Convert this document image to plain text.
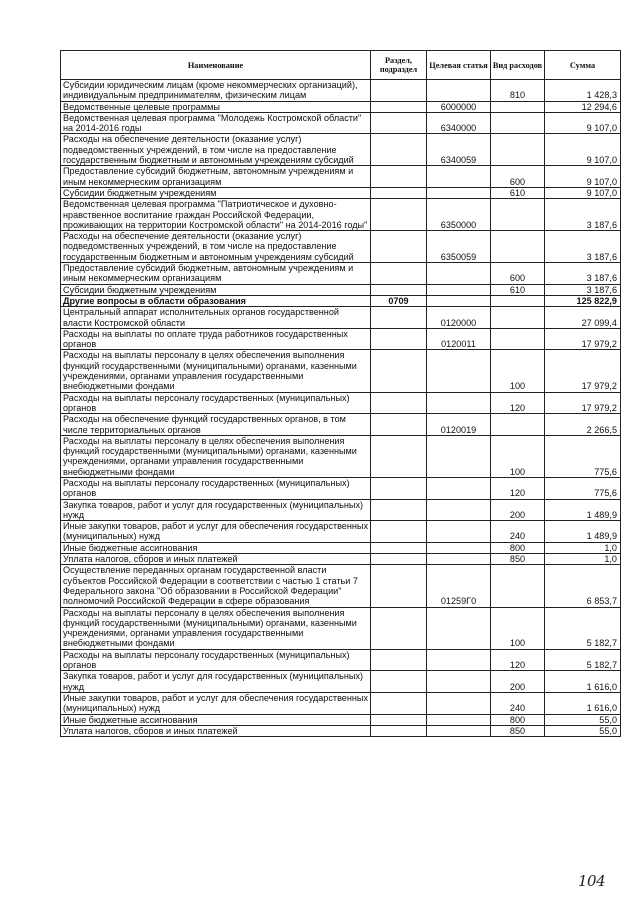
Наименование	Раздел, подраздел	Целевая статья	Вид расходов	Сумма
Субсидии юридическим лицам (кроме некоммерческих организаций), индивидуальным предпринимателям, физическим лицам			810	1 428,3
Ведомственные целевые программы		6000000		12 294,6
Ведомственная целевая программа "Молодежь Костромской области" на 2014-2016 годы		6340000		9 107,0
Расходы на обеспечение деятельности (оказание услуг) подведомственных учреждений, в том числе на предоставление государственным бюджетным и автономным учреждениям субсидий		6340059		9 107,0
Предоставление субсидий бюджетным, автономным учреждениям и иным некоммерческим организациям			600	9 107,0
Субсидии бюджетным учреждениям			610	9 107,0
Ведомственная целевая программа "Патриотическое и духовно-нравственное воспитание граждан Российской Федерации, проживающих на территории Костромской области" на 2014-2016 годы"		6350000		3 187,6
Расходы на обеспечение деятельности (оказание услуг) подведомственных учреждений, в том числе на предоставление государственным бюджетным и автономным учреждениям субсидий		6350059		3 187,6
Предоставление субсидий бюджетным, автономным учреждениям и иным некоммерческим организациям			600	3 187,6
Субсидии бюджетным учреждениям			610	3 187,6
Другие вопросы в области образования	0709			125 822,9
Центральный аппарат исполнительных органов государственной власти Костромской области		0120000		27 099,4
Расходы на выплаты по оплате труда работников государственных органов		0120011		17 979,2
Расходы на выплаты персоналу в целях обеспечения выполнения функций государственными (муниципальными) органами, казенными учреждениями, органами управления государственными внебюджетными фондами			100	17 979,2
Расходы на выплаты персоналу государственных (муниципальных) органов			120	17 979,2
Расходы на обеспечение функций государственных органов, в том числе территориальных органов		0120019		2 266,5
Расходы на выплаты персоналу в целях обеспечения выполнения функций государственными (муниципальными) органами, казенными учреждениями, органами управления государственными внебюджетными фондами			100	775,6
Расходы на выплаты персоналу государственных (муниципальных) органов			120	775,6
Закупка товаров, работ и услуг для государственных (муниципальных) нужд			200	1 489,9
Иные закупки товаров, работ и услуг для обеспечения государственных (муниципальных) нужд			240	1 489,9
Иные бюджетные ассигнования			800	1,0
Уплата налогов, сборов и иных платежей			850	1,0
Осуществление переданных органам государственной власти субъектов Российской Федерации в соответствии с частью 1 статьи 7 Федерального закона "Об образовании в Российской Федерации" полномочий Российской Федерации в сфере образования		01259Г0		6 853,7
Расходы на выплаты персоналу в целях обеспечения выполнения функций государственными (муниципальными) органами, казенными учреждениями, органами управления государственными внебюджетными фондами			100	5 182,7
Расходы на выплаты персоналу государственных (муниципальных) органов			120	5 182,7
Закупка товаров, работ и услуг для государственных (муниципальных) нужд			200	1 616,0
Иные закупки товаров, работ и услуг для обеспечения государственных (муниципальных) нужд			240	1 616,0
Иные бюджетные ассигнования			800	55,0
Уплата налогов, сборов и иных платежей			850	55,0
104
